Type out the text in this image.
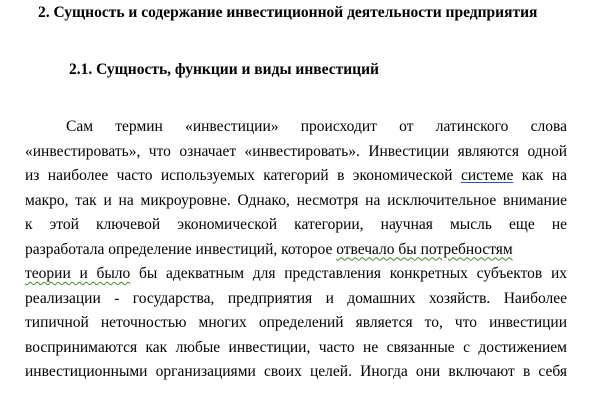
2. Сущность и содержание инвестиционной деятельности предприятия
2.1. Сущность, функции и виды инвестиций
Сам термин «инвестиции» происходит от латинского слова
«инвестировать», что означает «инвестировать». Инвестиции являются одной
из наиболее часто используемых категорий в экономической системе как на
макро, так и на микроуровне. Однако, несмотря на исключительное внимание
к этой ключевой экономической категории, научная мысль еще не
разработала определение инвестиций, которое отвечало бы потребностям
теории и было бы адекватным для представления конкретных субъектов их
реализации - государства, предприятия и домашних хозяйств. Наиболее
типичной неточностью многих определений является то, что инвестиции
воспринимаются как любые инвестиции, часто не связанные с достижением
инвестиционными организациями своих целей. Иногда они включают в себя
